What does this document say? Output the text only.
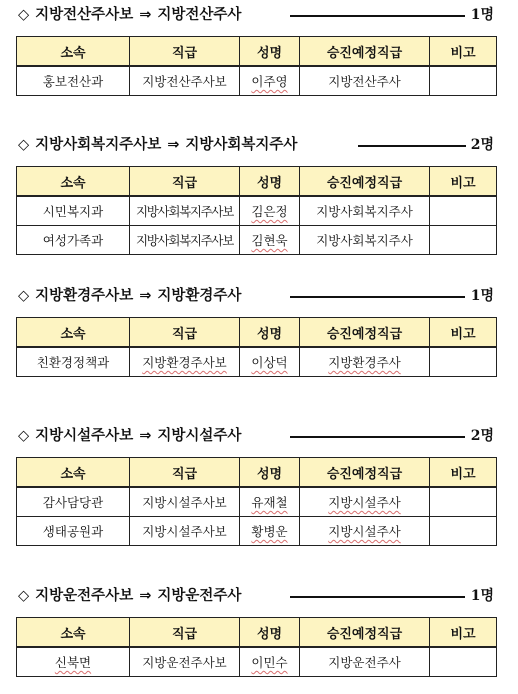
◇ 지방전산주사보 ⇒ 지방전산주사	1명
소속	직급	성명	승진예정직급	비고
홍보전산과	지방전산주사보	이주영	지방전산주사	
◇ 지방사회복지주사보 ⇒ 지방사회복지주사	2명
소속	직급	성명	승진예정직급	비고
시민복지과	지방사회복지주사보	김은정	지방사회복지주사	
여성가족과	지방사회복지주사보	김현욱	지방사회복지주사	
◇ 지방환경주사보 ⇒ 지방환경주사	1명
소속	직급	성명	승진예정직급	비고
친환경정책과	지방환경주사보	이상덕	지방환경주사	
◇ 지방시설주사보 ⇒ 지방시설주사	2명
소속	직급	성명	승진예정직급	비고
감사담당관	지방시설주사보	유재철	지방시설주사	
생태공원과	지방시설주사보	황병운	지방시설주사	
◇ 지방운전주사보 ⇒ 지방운전주사	1명
소속	직급	성명	승진예정직급	비고
신북면	지방운전주사보	이민수	지방운전주사	
